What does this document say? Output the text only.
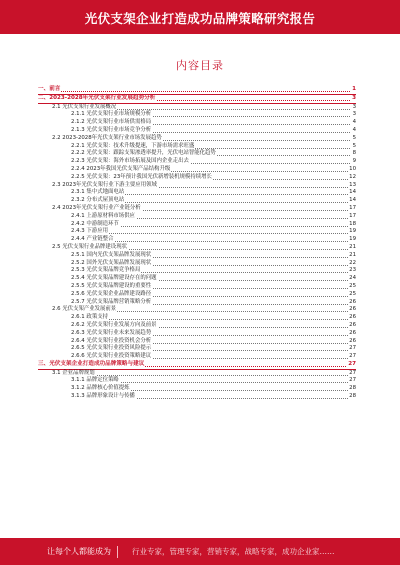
光伏支架企业打造成功品牌策略研究报告
内容目录
一、前言	1
二、2023-2028年光伏支架行业发展趋势分析	3
2.1 光伏支架行业发展概况	3
2.1.1 光伏支架行业市场规模分析	3
2.1.2 光伏支架行业市场供需格局	4
2.1.3 光伏支架行业市场竞争分析	4
2.2 2023-2028年光伏支架行业市场发展趋势	5
2.2.1 光伏支架：技术升级提速，下游市场需求旺盛	5
2.2.2 光伏支架：跟踪支架渗透率提升，光伏电站智能化趋势	8
2.2.3 光伏支架：海外市场拓展及国内企业走出去	9
2.2.4 2023年我国光伏支架产品结构升级	10
2.2.5 光伏支架：23年预计我国光伏新增装机规模持续增长	12
2.3 2023年光伏支架行业下游主要应用领域	13
2.3.1 集中式地面电站	14
2.3.2 分布式屋顶电站	14
2.4 2023年光伏支架行业产业链分析	17
2.4.1 上游原材料市场供应	17
2.4.2 中游制造环节	18
2.4.3 下游应用	19
2.4.4 产业链整合	19
2.5 光伏支架行业品牌建设现状	21
2.5.1 国内光伏支架品牌发展现状	21
2.5.2 国外光伏支架品牌发展现状	22
2.5.3 光伏支架品牌竞争格局	23
2.5.4 光伏支架品牌建设存在的问题	24
2.5.5 光伏支架品牌建设的重要性	25
2.5.6 光伏支架企业品牌建设路径	25
2.5.7 光伏支架品牌营销策略分析	26
2.6 光伏支架产业发展前景	26
2.6.1 政策支持	26
2.6.2 光伏支架行业发展方向及前景	26
2.6.3 光伏支架行业未来发展趋势	26
2.6.4 光伏支架行业投资机会分析	26
2.6.5 光伏支架行业投资风险提示	27
2.6.6 光伏支架行业投资策略建议	27
三、光伏支架企业打造成功品牌策略与建议	27
3.1 企业品牌规划	27
3.1.1 品牌定位策略	27
3.1.2 品牌核心价值提炼	28
3.1.3 品牌形象设计与传播	28
让每个人都能成为	行业专家，管理专家，营销专家，战略专家，成功企业家……
